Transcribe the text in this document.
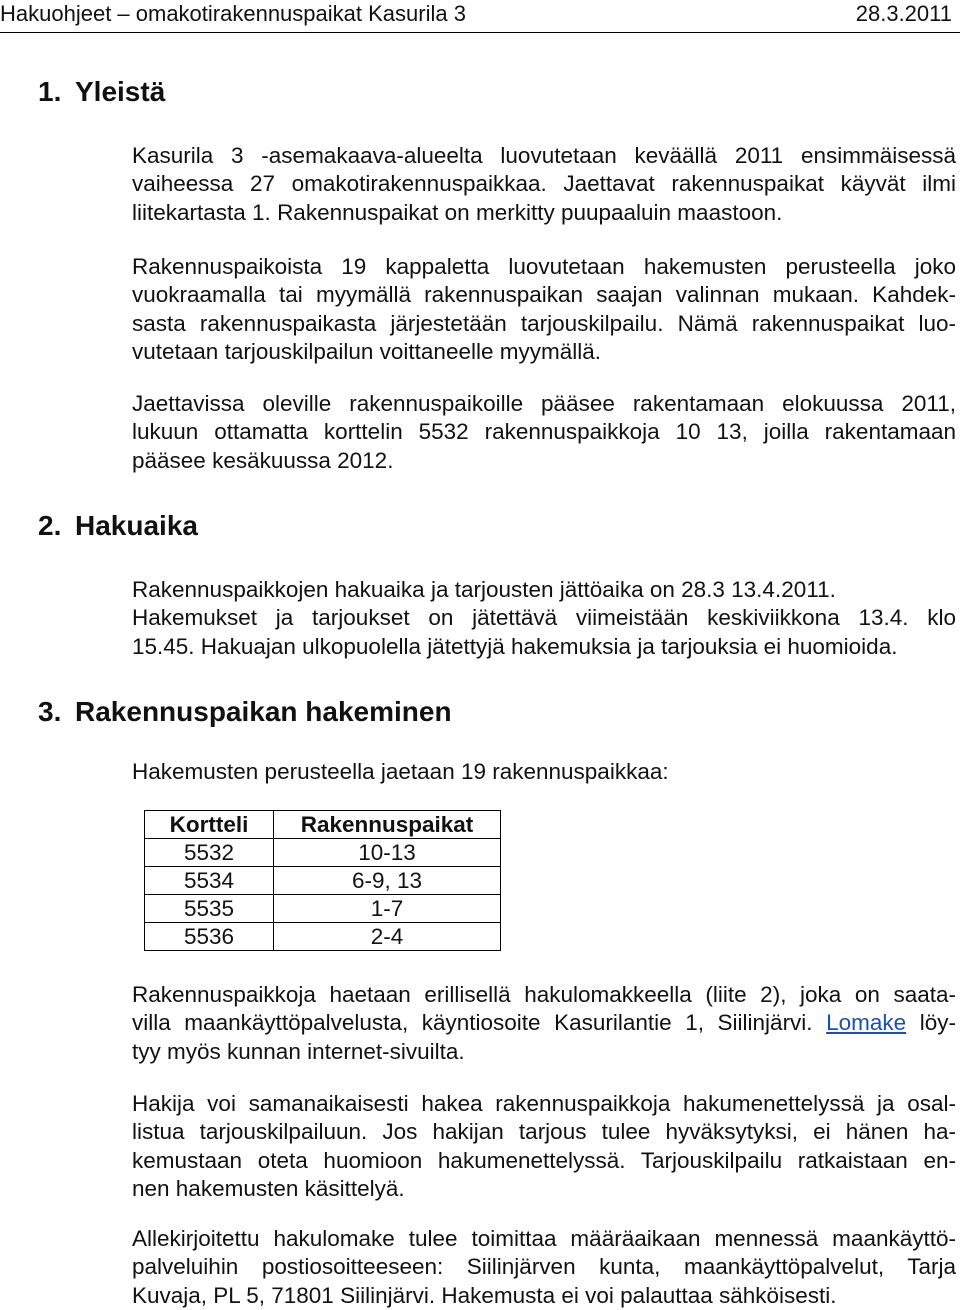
Hakuohjeet – omakotirakennuspaikat Kasurila 3	28.3.2011
1. Yleistä
Kasurila 3 -asemakaava-alueelta luovutetaan keväällä 2011 ensimmäisessä
vaiheessa 27 omakotirakennuspaikkaa. Jaettavat rakennuspaikat käyvät ilmi
liitekartasta 1. Rakennuspaikat on merkitty puupaaluin maastoon.
Rakennuspaikoista 19 kappaletta luovutetaan hakemusten perusteella joko
vuokraamalla tai myymällä rakennuspaikan saajan valinnan mukaan. Kahdek-
sasta rakennuspaikasta järjestetään tarjouskilpailu. Nämä rakennuspaikat luo-
vutetaan tarjouskilpailun voittaneelle myymällä.
Jaettavissa oleville rakennuspaikoille pääsee rakentamaan elokuussa 2011,
lukuun ottamatta korttelin 5532 rakennuspaikkoja 10 13, joilla rakentamaan
pääsee kesäkuussa 2012.
2. Hakuaika
Rakennuspaikkojen hakuaika ja tarjousten jättöaika on 28.3 13.4.2011.
Hakemukset ja tarjoukset on jätettävä viimeistään keskiviikkona 13.4. klo
15.45. Hakuajan ulkopuolella jätettyjä hakemuksia ja tarjouksia ei huomioida.
3. Rakennuspaikan hakeminen
Hakemusten perusteella jaetaan 19 rakennuspaikkaa:
Kortteli	Rakennuspaikat
5532	10-13
5534	6-9, 13
5535	1-7
5536	2-4
Rakennuspaikkoja haetaan erillisellä hakulomakkeella (liite 2), joka on saata-
villa maankäyttöpalvelusta, käyntiosoite Kasurilantie 1, Siilinjärvi. Lomake löy-
tyy myös kunnan internet-sivuilta.
Hakija voi samanaikaisesti hakea rakennuspaikkoja hakumenettelyssä ja osal-
listua tarjouskilpailuun. Jos hakijan tarjous tulee hyväksytyksi, ei hänen ha-
kemustaan oteta huomioon hakumenettelyssä. Tarjouskilpailu ratkaistaan en-
nen hakemusten käsittelyä.
Allekirjoitettu hakulomake tulee toimittaa määräaikaan mennessä maankäyttö-
palveluihin postiosoitteeseen: Siilinjärven kunta, maankäyttöpalvelut, Tarja
Kuvaja, PL 5, 71801 Siilinjärvi. Hakemusta ei voi palauttaa sähköisesti.
